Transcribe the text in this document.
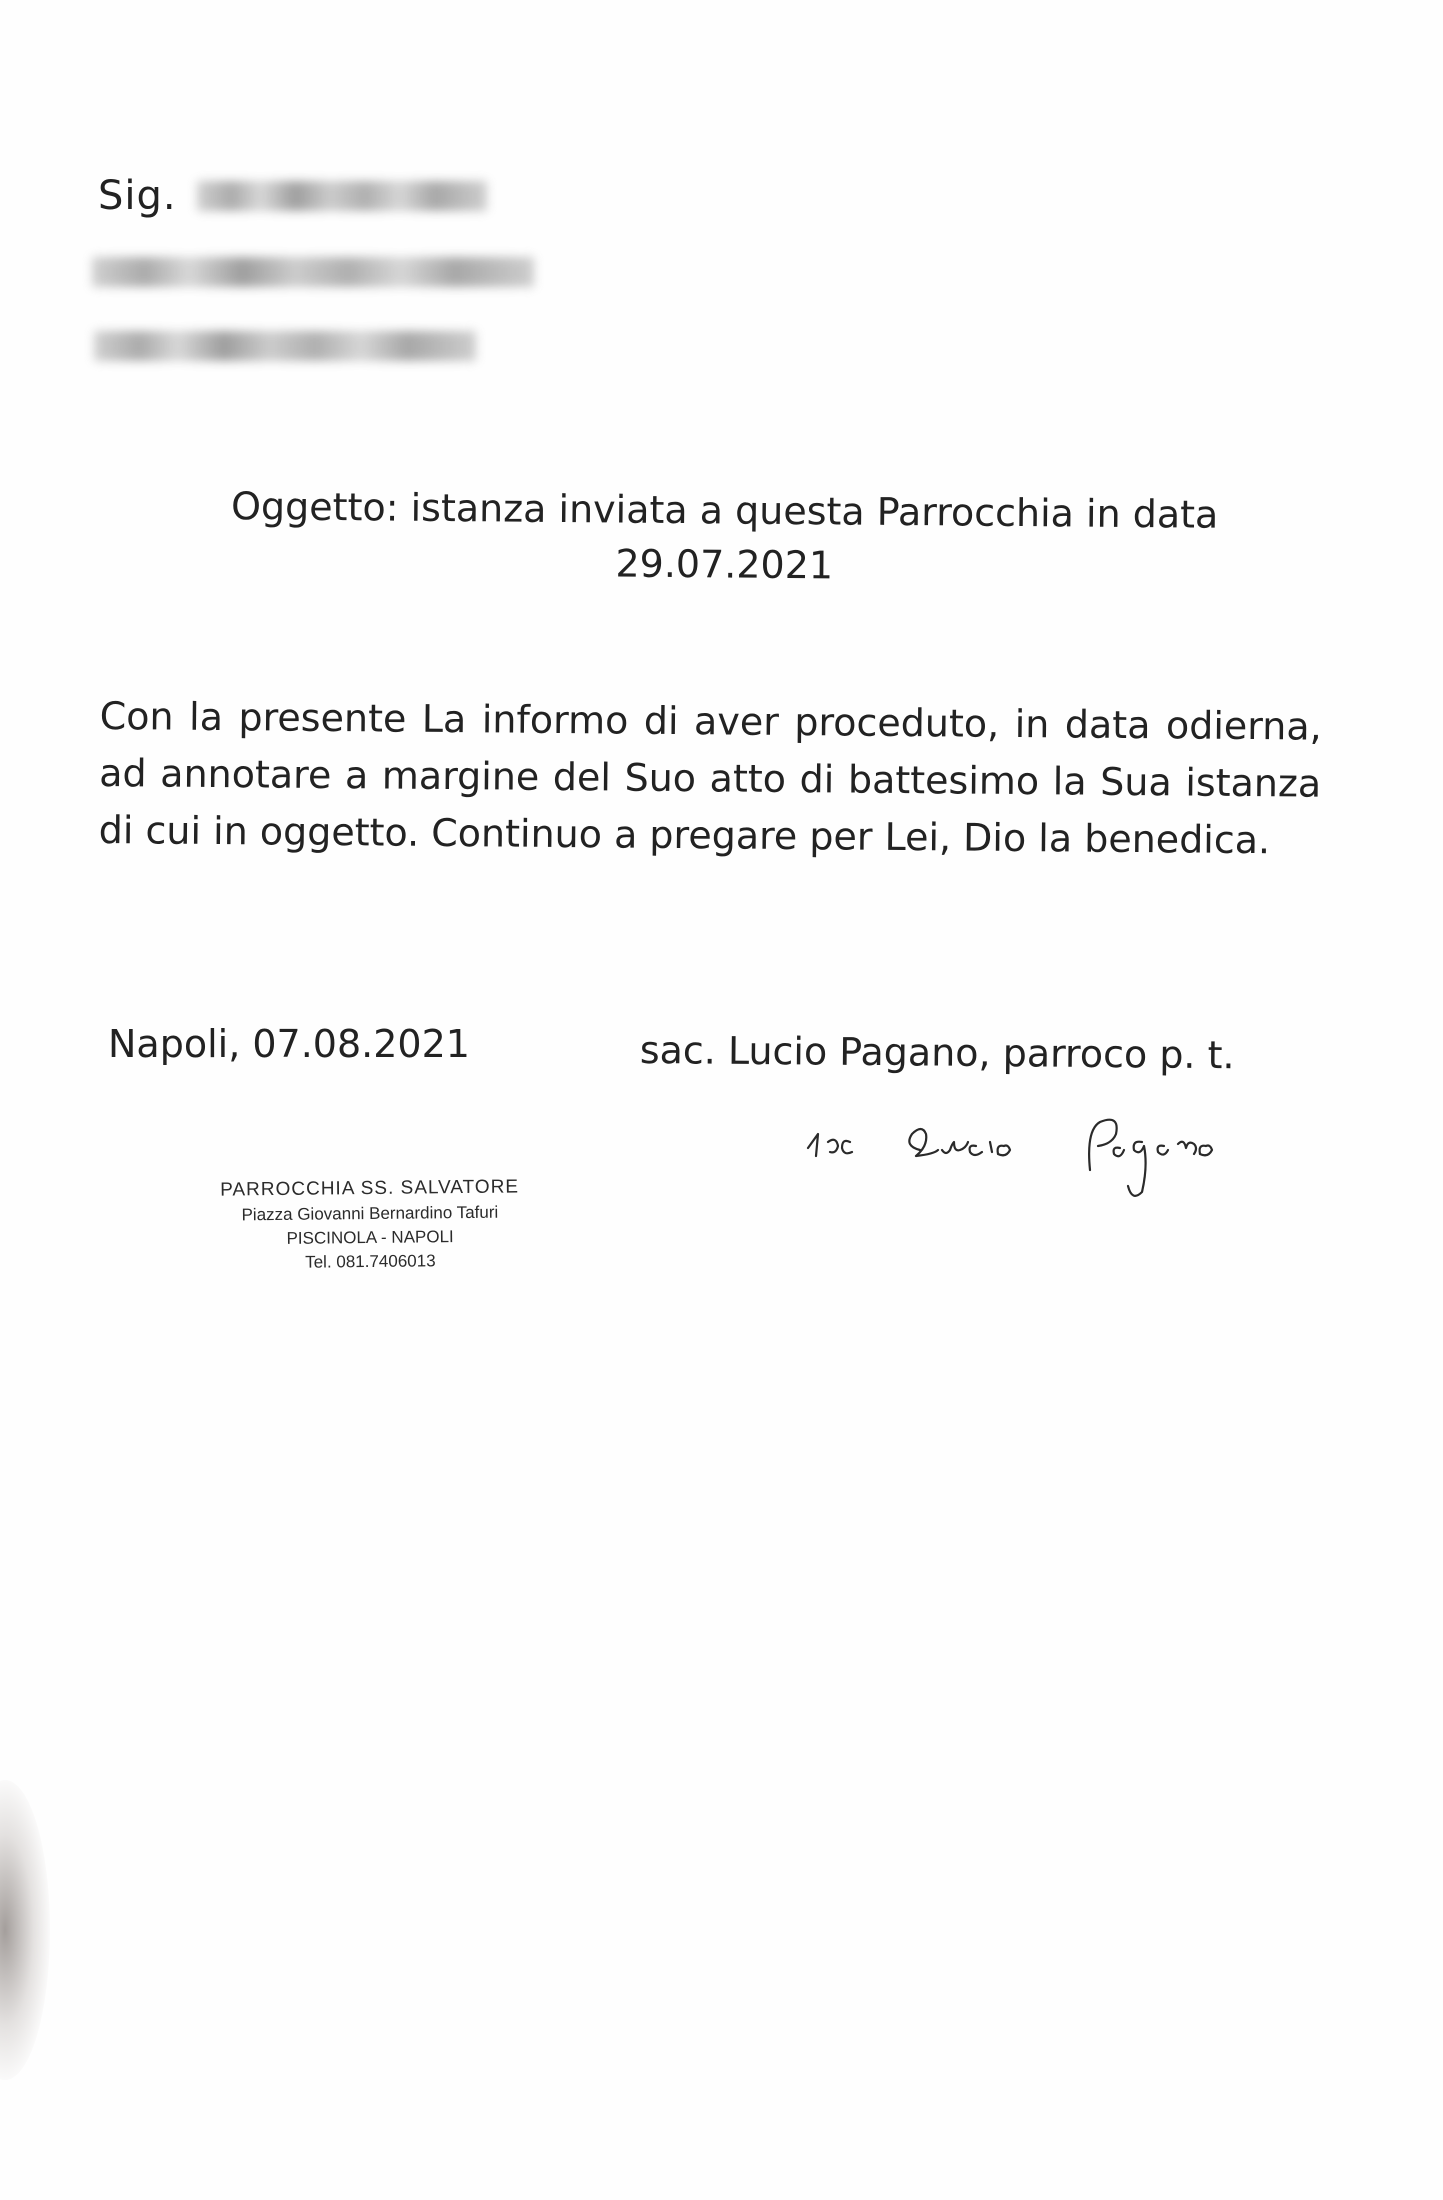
Sig.
Oggetto: istanza inviata a questa Parrocchia in data
29.07.2021
Con la presente La informo di aver proceduto, in data odierna, ad annotare a margine del Suo atto di battesimo la Sua istanza di cui in oggetto. Continuo a pregare per Lei, Dio la benedica.
Napoli, 07.08.2021	sac. Lucio Pagano, parroco p. t.
PARROCCHIA SS. SALVATORE
Piazza Giovanni Bernardino Tafuri
PISCINOLA - NAPOLI
Tel. 081.7406013
